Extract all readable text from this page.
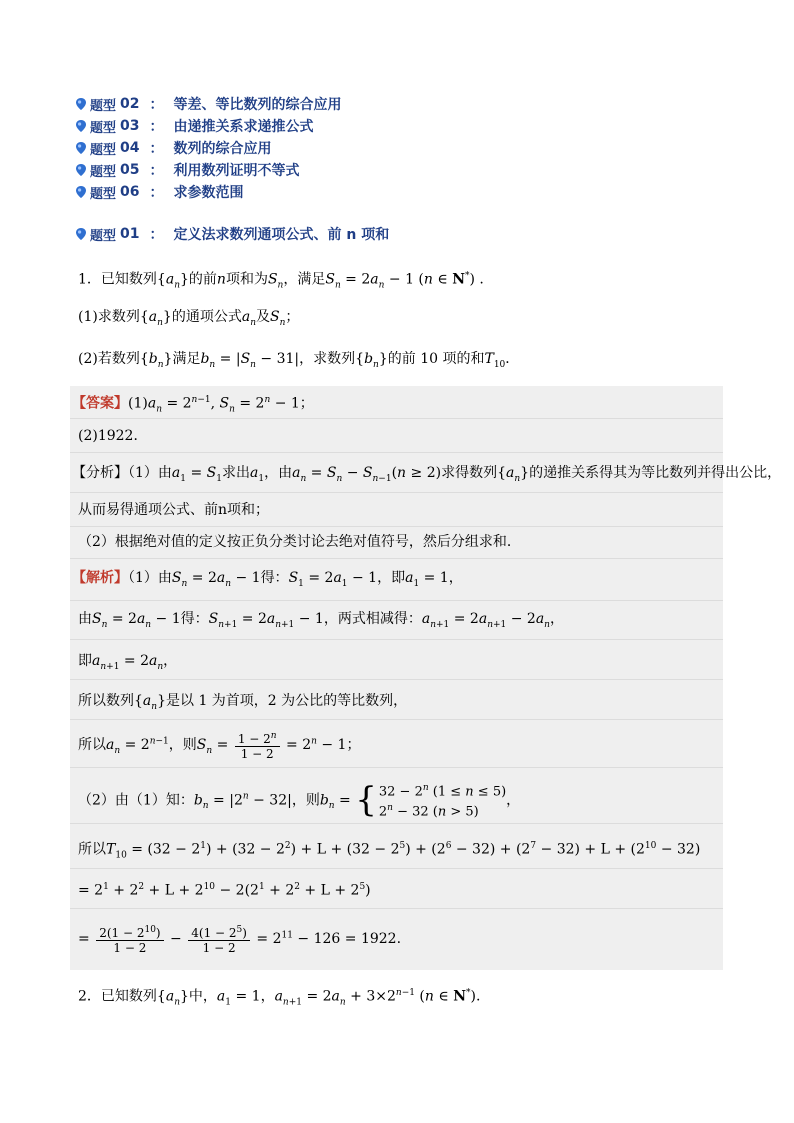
题型 02 ： 等差、等比数列的综合应用
题型 03 ： 由递推关系求递推公式
题型 04 ： 数列的综合应用
题型 05 ： 利用数列证明不等式
题型 06 ： 求参数范围
题型 01 ： 定义法求数列通项公式、前 n 项和
1．已知数列$\{a_n\}$的前n项和为$S_n$，满足$S_n = 2a_n - 1$ (n ∈ N*) .
(1)求数列$\{a_n\}$的通项公式$a_n$及$S_n$；
(2)若数列$\{b_n\}$满足$b_n = |S_n - 31|$，求数列$\{b_n\}$的前 10 项的和$T_{10}$．
【答案】$(1)a_n = 2^{n-1}$, $S_n = 2^n - 1$；
(2)1922．
【分析】（1）由$a_1 = S_1$求出$a_1$，由$a_n = S_n - S_{n-1}(n \ge 2)$求得数列$\{a_n\}$的递推关系得其为等比数列并得出公比，
从而易得通项公式、前n项和；
（2）根据绝对值的定义按正负分类讨论去绝对值符号，然后分组求和．
【解析】（1）由$S_n = 2a_n - 1$得：$S_1 = 2a_1 - 1$，即$a_1 = 1$，
由$S_n = 2a_n - 1$得：$S_{n+1} = 2a_{n+1} - 1$，两式相减得：$a_{n+1} = 2a_{n+1} - 2a_n$，
即$a_{n+1} = 2a_n$，
所以数列$\{a_n\}$是以 1 为首项，2 为公比的等比数列，
所以$a_n = 2^{n-1}$，则$S_n = \frac{1 - 2^n}{1 - 2} = 2^n - 1$；
（2）由（1）知：$b_n = |2^n - 32|$，则$b_n$ = { $32 - 2^n$ (1 ≤ n ≤ 5)
$2^n - 32$ (n > 5)
，
所以$T_{10} = (32 - 2^1) + (32 - 2^2) + L + (32 - 2^5) + (2^6 - 32) + (2^7 - 32) + L + (2^{10} - 32)$
= $2^1 + 2^2 + L + 2^{10} - 2(2^1 + 2^2 + L + 2^5)$
= $\frac{2(1 - 2^{10})}{1 - 2} - \frac{4(1 - 2^5)}{1 - 2} = 2^{11} - 126 = 1922$.
2．已知数列$\{a_n\}$中，$a_1 = 1$，$a_{n+1} = 2a_n + 3\times 2^{n-1}$ (n ∈ N*).
